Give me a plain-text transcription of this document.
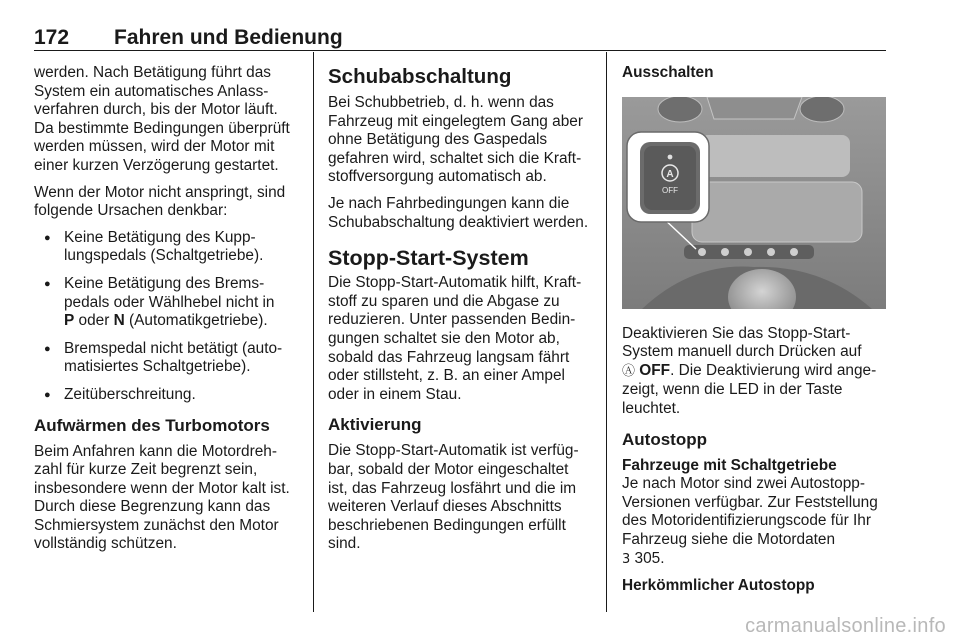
172 Fahren und Bedienung

werden. Nach Betätigung führt das System ein automatisches Anlassverfahren durch, bis der Motor läuft. Da bestimmte Bedingungen überprüft werden müssen, wird der Motor mit einer kurzen Verzögerung gestartet.

Wenn der Motor nicht anspringt, sind folgende Ursachen denkbar:

● Keine Betätigung des Kupplungspedals (Schaltgetriebe).
● Keine Betätigung des Bremspedals oder Wählhebel nicht in
P oder N (Automatikgetriebe).
● Bremspedal nicht betätigt (automatisiertes Schaltgetriebe).
● Zeitüberschreitung.
Aufwärmen des Turbomotors

Beim Anfahren kann die Motordrehzahl für kurze Zeit begrenzt sein, insbesondere wenn der Motor kalt ist. Durch diese Begrenzung kann das Schmiersystem zunächst den Motor vollständig schützen.

Schubabschaltung

Bei Schubbetrieb, d. h. wenn das Fahrzeug mit eingelegtem Gang aber ohne Betätigung des Gaspedals gefahren wird, schaltet sich die Kraftstoffversorgung automatisch ab.

Je nach Fahrbedingungen kann die Schubabschaltung deaktiviert werden.

Stopp-Start-System

Die Stopp-Start-Automatik hilft, Kraftstoff zu sparen und die Abgase zu reduzieren. Unter passenden Bedingungen schaltet sie den Motor ab, sobald das Fahrzeug langsam fährt oder stillsteht, z. B. an einer Ampel oder in einem Stau.

Aktivierung

Die Stopp-Start-Automatik ist verfügbar, sobald der Motor eingeschaltet ist, das Fahrzeug losfährt und die im weiteren Verlauf dieses Abschnitts beschriebenen Bedingungen erfüllt sind.

Ausschalten
A
OFF

Deaktivieren Sie das Stopp-Start-System manuell durch Drücken auf
Ⓐ OFF. Die Deaktivierung wird angezeigt, wenn die LED in der Taste leuchtet.

Autostopp
Fahrzeuge mit Schaltgetriebe

Je nach Motor sind zwei Autostopp-Versionen verfügbar. Zur Feststellung des Motoridentifizierungscode für Ihr Fahrzeug siehe die Motordaten
3 305.

Herkömmlicher Autostopp
carmanualsonline.info
